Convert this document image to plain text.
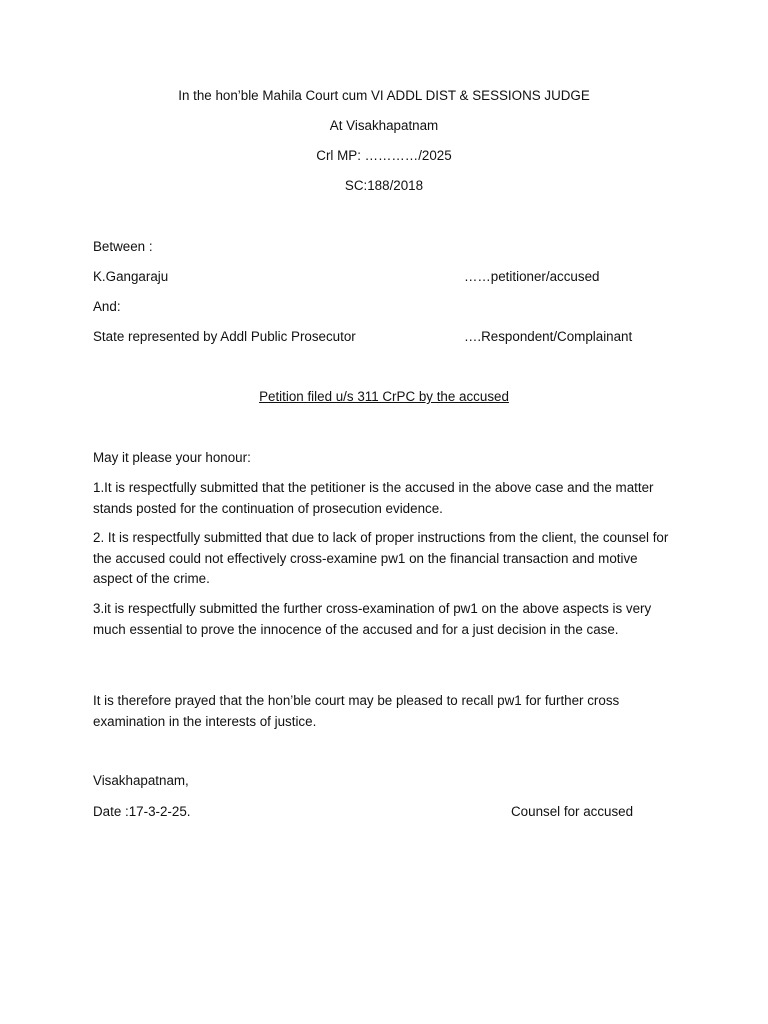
In the hon’ble Mahila Court cum VI ADDL DIST & SESSIONS JUDGE
At Visakhapatnam
Crl MP: …………/2025
SC:188/2018
Between :
K.Gangaraju	……petitioner/accused
And:
State represented by Addl Public Prosecutor	….Respondent/Complainant
Petition filed u/s 311 CrPC by the accused
May it please your honour:
1.It is respectfully submitted that the petitioner is the accused in the above case and the matter stands posted for the continuation of prosecution evidence.
2. It is respectfully submitted that due to lack of proper instructions from the client, the counsel for the accused could not effectively cross-examine pw1 on the financial transaction and motive aspect of the crime.
3.it is respectfully submitted the further cross-examination of pw1 on the above aspects is very much essential to prove the innocence of the accused and for a just decision in the case.
It is therefore prayed that the hon’ble court may be pleased to recall pw1 for further cross examination in the interests of justice.
Visakhapatnam,
Date :17-3-2-25.	Counsel for accused
